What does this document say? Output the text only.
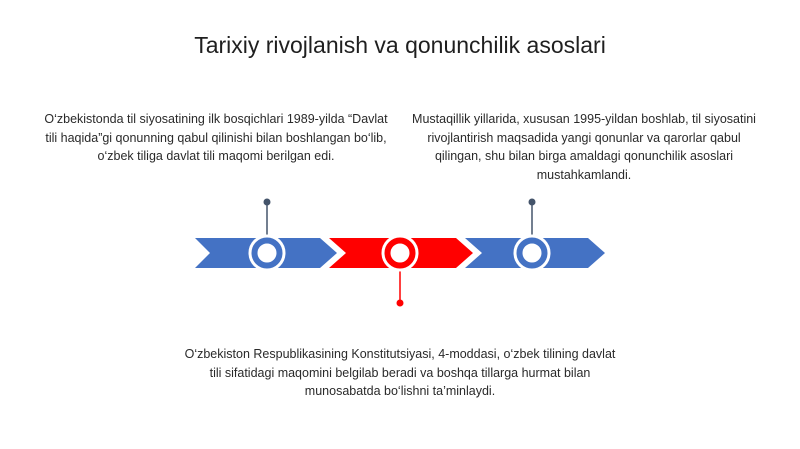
Tarixiy rivojlanish va qonunchilik asoslari
O‘zbekistonda til siyosatining ilk bosqichlari 1989-yilda “Davlat tili haqida”gi qonunning qabul qilinishi bilan boshlangan bo‘lib, o‘zbek tiliga davlat tili maqomi berilgan edi.
Mustaqillik yillarida, xususan 1995-yildan boshlab, til siyosatini rivojlantirish maqsadida yangi qonunlar va qarorlar qabul qilingan, shu bilan birga amaldagi qonunchilik asoslari mustahkamlandi.
O‘zbekiston Respublikasining Konstitutsiyasi, 4-moddasi, o‘zbek tilining davlat tili sifatidagi maqomini belgilab beradi va boshqa tillarga hurmat bilan munosabatda bo‘lishni ta’minlaydi.
